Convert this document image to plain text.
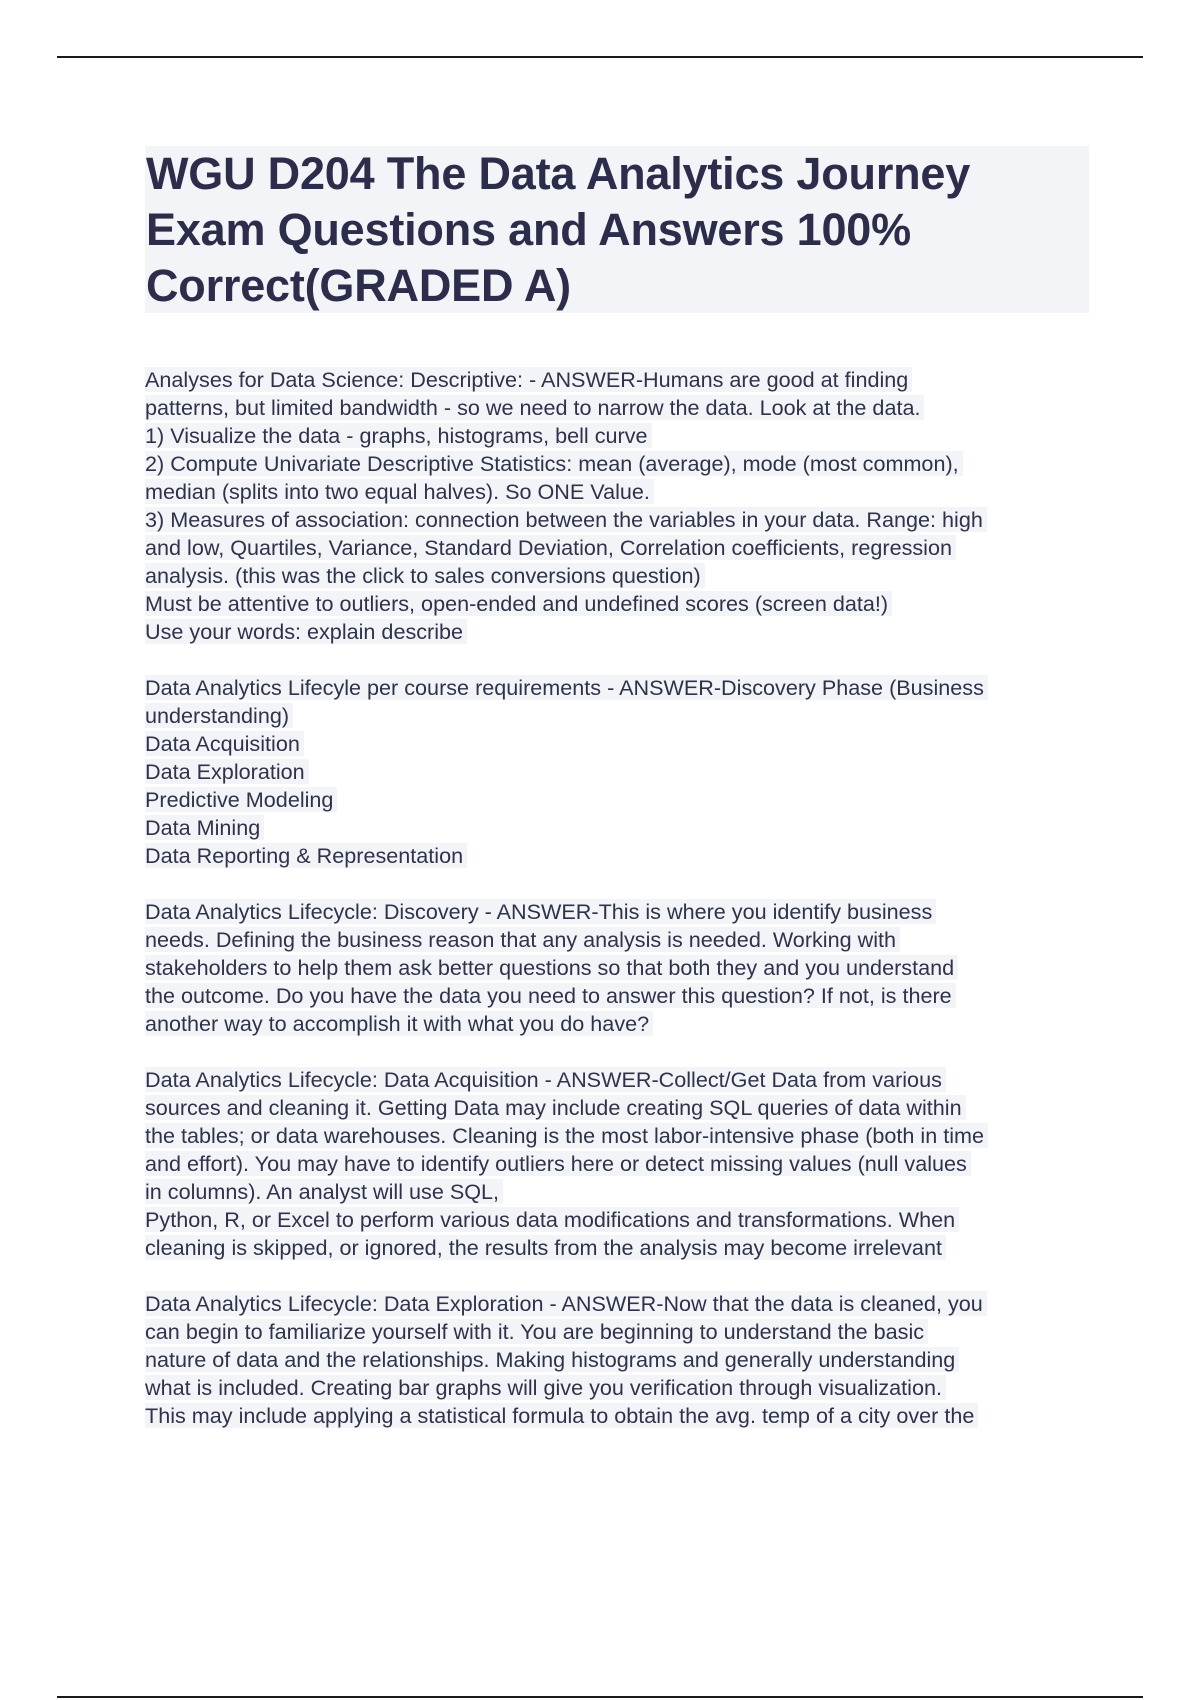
WGU D204 The Data Analytics Journey
Exam Questions and Answers 100%
Correct(GRADED A)
Analyses for Data Science: Descriptive: - ANSWER-Humans are good at finding
patterns, but limited bandwidth - so we need to narrow the data. Look at the data.
1) Visualize the data - graphs, histograms, bell curve
2) Compute Univariate Descriptive Statistics: mean (average), mode (most common),
median (splits into two equal halves). So ONE Value.
3) Measures of association: connection between the variables in your data. Range: high
and low, Quartiles, Variance, Standard Deviation, Correlation coefficients, regression
analysis. (this was the click to sales conversions question)
Must be attentive to outliers, open-ended and undefined scores (screen data!)
Use your words: explain describe
Data Analytics Lifecyle per course requirements - ANSWER-Discovery Phase (Business
understanding)
Data Acquisition
Data Exploration
Predictive Modeling
Data Mining
Data Reporting & Representation
Data Analytics Lifecycle: Discovery - ANSWER-This is where you identify business
needs. Defining the business reason that any analysis is needed. Working with
stakeholders to help them ask better questions so that both they and you understand
the outcome. Do you have the data you need to answer this question? If not, is there
another way to accomplish it with what you do have?
Data Analytics Lifecycle: Data Acquisition - ANSWER-Collect/Get Data from various
sources and cleaning it. Getting Data may include creating SQL queries of data within
the tables; or data warehouses. Cleaning is the most labor-intensive phase (both in time
and effort). You may have to identify outliers here or detect missing values (null values
in columns). An analyst will use SQL,
Python, R, or Excel to perform various data modifications and transformations. When
cleaning is skipped, or ignored, the results from the analysis may become irrelevant
Data Analytics Lifecycle: Data Exploration - ANSWER-Now that the data is cleaned, you
can begin to familiarize yourself with it. You are beginning to understand the basic
nature of data and the relationships. Making histograms and generally understanding
what is included. Creating bar graphs will give you verification through visualization.
This may include applying a statistical formula to obtain the avg. temp of a city over the
